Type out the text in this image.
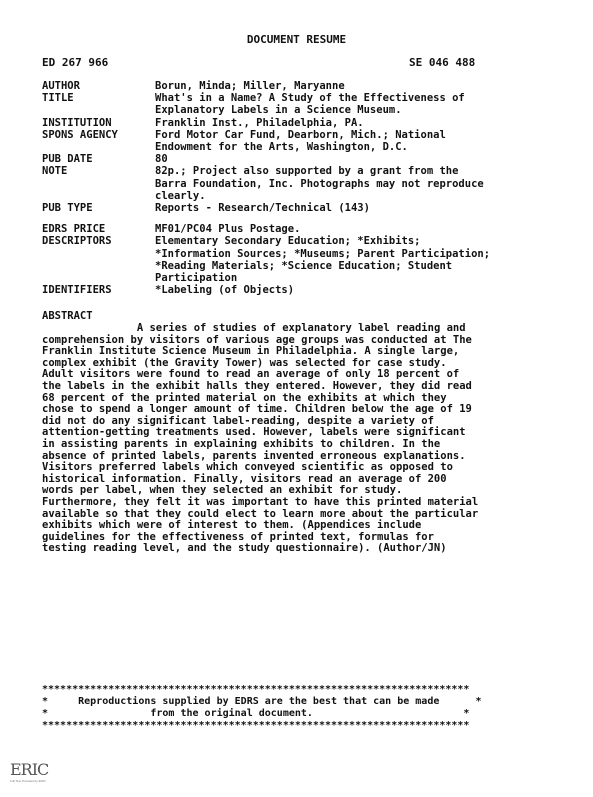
DOCUMENT RESUME
ED 267 966	SE 046 488
AUTHOR	Borun, Minda; Miller, Maryanne
TITLE	What's in a Name? A Study of the Effectiveness of
Explanatory Labels in a Science Museum.
INSTITUTION	Franklin Inst., Philadelphia, PA.
SPONS AGENCY	Ford Motor Car Fund, Dearborn, Mich.; National
Endowment for the Arts, Washington, D.C.
PUB DATE	80
NOTE	82p.; Project also supported by a grant from the
Barra Foundation, Inc. Photographs may not reproduce
clearly.
PUB TYPE	Reports - Research/Technical (143)
EDRS PRICE	MF01/PC04 Plus Postage.
DESCRIPTORS	Elementary Secondary Education; *Exhibits;
*Information Sources; *Museums; Parent Participation;
*Reading Materials; *Science Education; Student
Participation
IDENTIFIERS	*Labeling (of Objects)
ABSTRACT
A series of studies of explanatory label reading and
comprehension by visitors of various age groups was conducted at The
Franklin Institute Science Museum in Philadelphia. A single large,
complex exhibit (the Gravity Tower) was selected for case study.
Adult visitors were found to read an average of only 18 percent of
the labels in the exhibit halls they entered. However, they did read
68 percent of the printed material on the exhibits at which they
chose to spend a longer amount of time. Children below the age of 19
did not do any significant label-reading, despite a variety of
attention-getting treatments used. However, labels were significant
in assisting parents in explaining exhibits to children. In the
absence of printed labels, parents invented erroneous explanations.
Visitors preferred labels which conveyed scientific as opposed to
historical information. Finally, visitors read an average of 200
words per label, when they selected an exhibit for study.
Furthermore, they felt it was important to have this printed material
available so that they could elect to learn more about the particular
exhibits which were of interest to them. (Appendices include
guidelines for the effectiveness of printed text, formulas for
testing reading level, and the study questionnaire). (Author/JN)
***********************************************************************
*     Reproductions supplied by EDRS are the best that can be made      *
*                 from the original document.                         *
***********************************************************************
ERIC
Full Text Provided by ERIC
